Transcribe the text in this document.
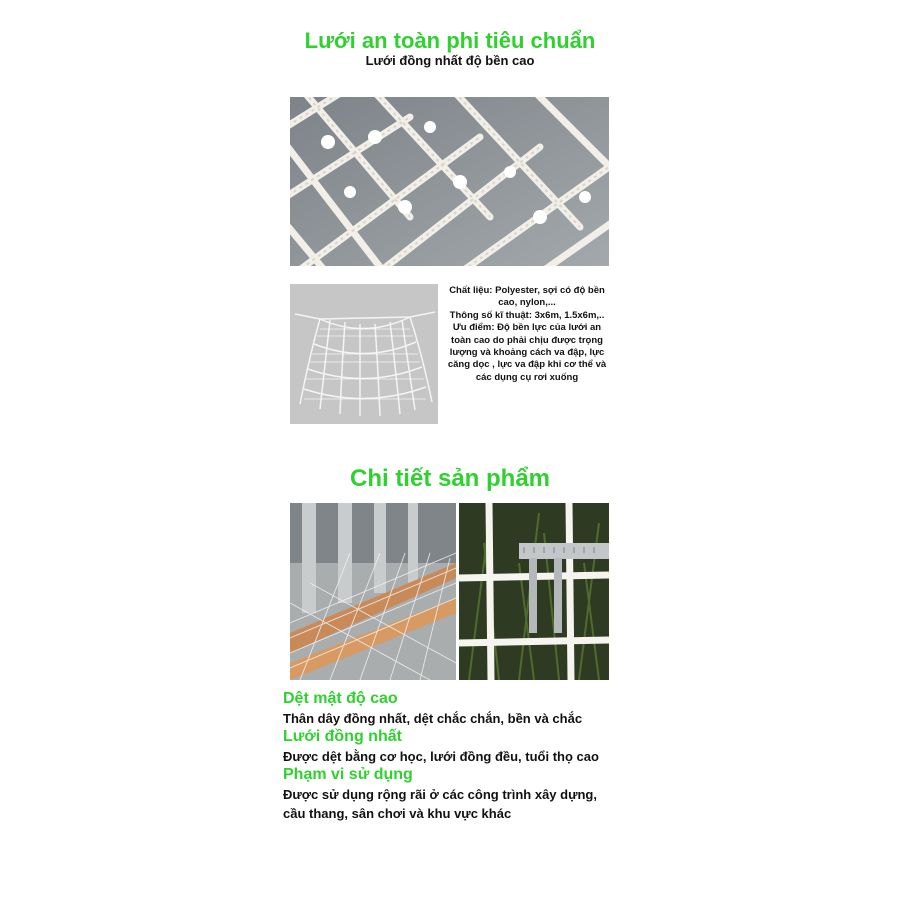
Lưới an toàn phi tiêu chuẩn
Lưới đồng nhất độ bền cao
Chất liệu: Polyester, sợi có độ bền
cao, nylon,...
Thông số kĩ thuật: 3x6m, 1.5x6m,..
Ưu điểm: Độ bền lực của lưới an
toàn cao do phải chịu được trọng
lượng và khoảng cách va đập, lực
căng dọc , lực va đập khi cơ thể và
các dụng cụ rơi xuống
Chi tiết sản phẩm
Dệt mật độ cao
Thân dây đồng nhất, dệt chắc chắn, bền và chắc
Lưới đồng nhất
Được dệt bằng cơ học, lưới đồng đều, tuổi thọ cao
Phạm vi sử dụng
Được sử dụng rộng rãi ở các công trình xây dựng,
cầu thang, sân chơi và khu vực khác
